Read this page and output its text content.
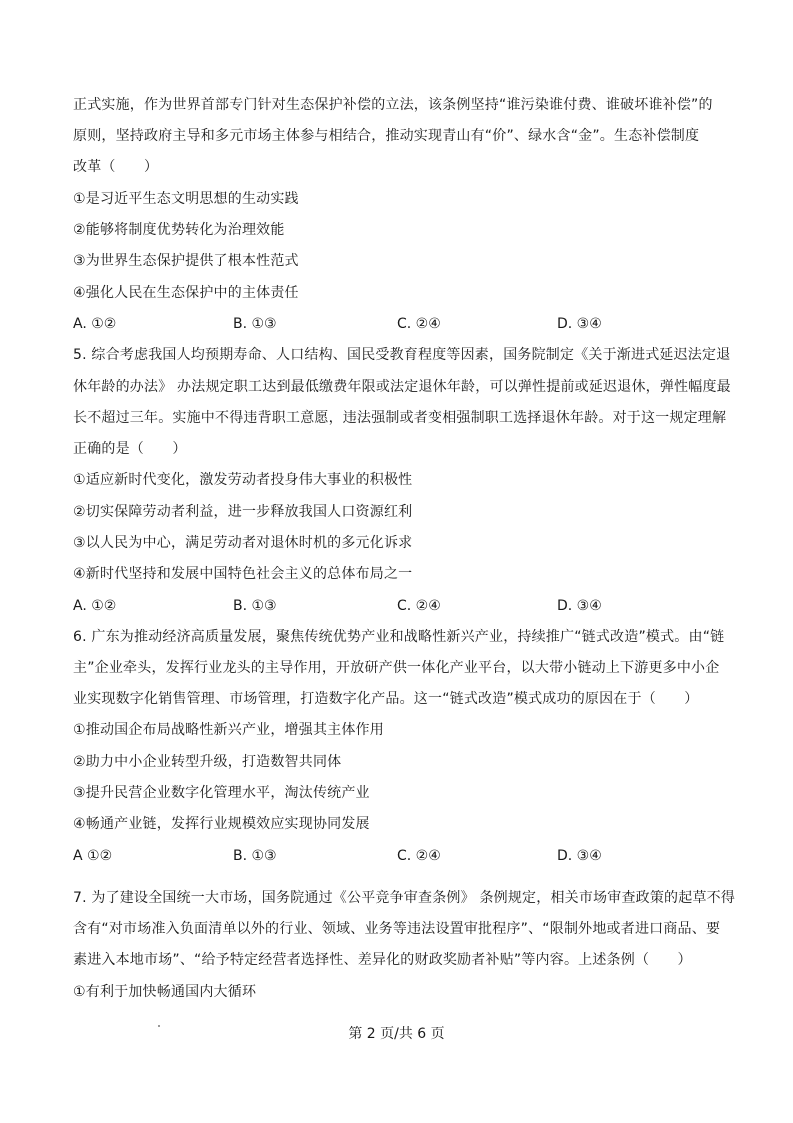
正式实施，作为世界首部专门针对生态保护补偿的立法，该条例坚持“谁污染谁付费、谁破坏谁补偿”的
原则，坚持政府主导和多元市场主体参与相结合，推动实现青山有“价”、绿水含“金”。生态补偿制度
改革（　　）
①是习近平生态文明思想的生动实践
②能够将制度优势转化为治理效能
③为世界生态保护提供了根本性范式
④强化人民在生态保护中的主体责任
A. ①②	B. ①③	C. ②④	D. ③④
5. 综合考虑我国人均预期寿命、人口结构、国民受教育程度等因素，国务院制定《关于渐进式延迟法定退
休年龄的办法》 办法规定职工达到最低缴费年限或法定退休年龄，可以弹性提前或延迟退休，弹性幅度最
长不超过三年。实施中不得违背职工意愿，违法强制或者变相强制职工选择退休年龄。对于这一规定理解
正确的是（　　）
①适应新时代变化，激发劳动者投身伟大事业的积极性
②切实保障劳动者利益，进一步释放我国人口资源红利
③以人民为中心，满足劳动者对退休时机的多元化诉求
④新时代坚持和发展中国特色社会主义的总体布局之一
A. ①②	B. ①③	C. ②④	D. ③④
6. 广东为推动经济高质量发展，聚焦传统优势产业和战略性新兴产业，持续推广“链式改造”模式。由“链
主”企业牵头，发挥行业龙头的主导作用，开放研产供一体化产业平台，以大带小链动上下游更多中小企
业实现数字化销售管理、市场管理，打造数字化产品。这一“链式改造”模式成功的原因在于（　　）
①推动国企布局战略性新兴产业，增强其主体作用
②助力中小企业转型升级，打造数智共同体
③提升民营企业数字化管理水平，淘汰传统产业
④畅通产业链，发挥行业规模效应实现协同发展
A ①②	B. ①③	C. ②④	D. ③④
7. 为了建设全国统一大市场，国务院通过《公平竞争审查条例》 条例规定，相关市场审查政策的起草不得
含有“对市场准入负面清单以外的行业、领域、业务等违法设置审批程序”、“限制外地或者进口商品、要
素进入本地市场”、“给予特定经营者选择性、差异化的财政奖励者补贴”等内容。上述条例（　　）
①有利于加快畅通国内大循环
第 2 页/共 6 页
